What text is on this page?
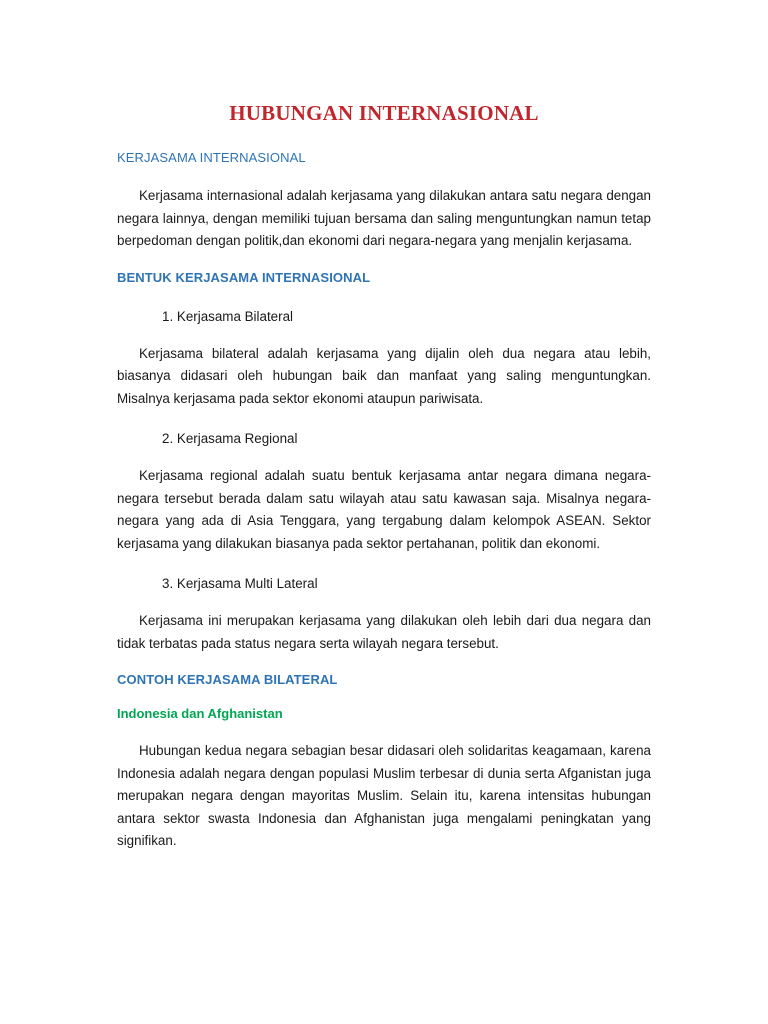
HUBUNGAN INTERNASIONAL
KERJASAMA INTERNASIONAL

Kerjasama internasional adalah kerjasama yang dilakukan antara satu negara dengan negara lainnya, dengan memiliki tujuan bersama dan saling menguntungkan namun tetap berpedoman dengan politik,dan ekonomi dari negara-negara yang menjalin kerjasama.

BENTUK KERJASAMA INTERNASIONAL
1. Kerjasama Bilateral

Kerjasama bilateral adalah kerjasama yang dijalin oleh dua negara atau lebih, biasanya didasari oleh hubungan baik dan manfaat yang saling menguntungkan. Misalnya kerjasama pada sektor ekonomi ataupun pariwisata.

2. Kerjasama Regional

Kerjasama regional adalah suatu bentuk kerjasama antar negara dimana negara-negara tersebut berada dalam satu wilayah atau satu kawasan saja. Misalnya negara-negara yang ada di Asia Tenggara, yang tergabung dalam kelompok ASEAN. Sektor kerjasama yang dilakukan biasanya pada sektor pertahanan, politik dan ekonomi.

3. Kerjasama Multi Lateral

Kerjasama ini merupakan kerjasama yang dilakukan oleh lebih dari dua negara dan tidak terbatas pada status negara serta wilayah negara tersebut.

CONTOH KERJASAMA BILATERAL
Indonesia dan Afghanistan

Hubungan kedua negara sebagian besar didasari oleh solidaritas keagamaan, karena Indonesia adalah negara dengan populasi Muslim terbesar di dunia serta Afganistan juga merupakan negara dengan mayoritas Muslim. Selain itu, karena intensitas hubungan antara sektor swasta Indonesia dan Afghanistan juga mengalami peningkatan yang signifikan.
